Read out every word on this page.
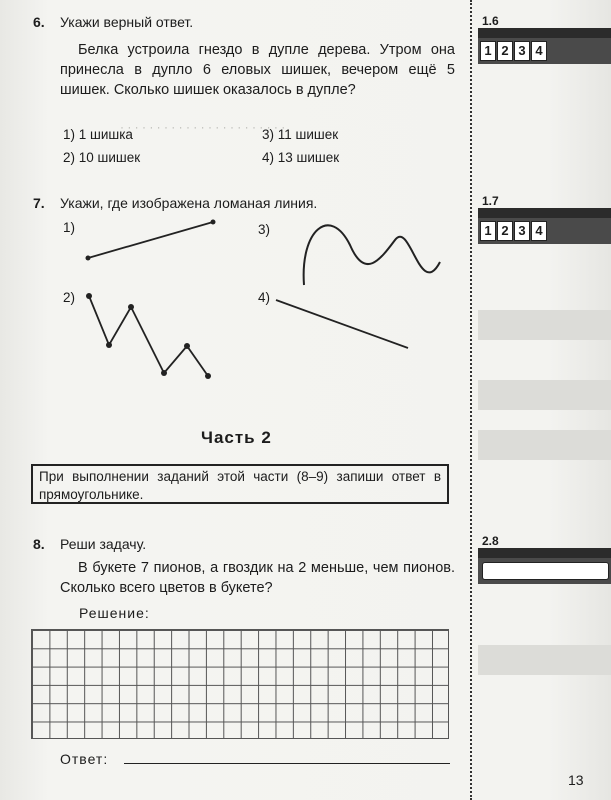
· · · · · · · · · · · · · · · · · · · · · · ·
6. Укажи верный ответ.
Белка устроила гнездо в дупле дерева. Утром она принесла в дупло 6 еловых шишек, вечером ещё 5 шишек. Сколько шишек оказалось в дупле?
1) 1 шишка
2) 10 шишек
3) 11 шишек
4) 13 шишек
7. Укажи, где изображена ломаная линия.
1)	3)
2)	4)
Часть 2
При выполнении заданий этой части (8–9) запиши ответ в прямоугольнике.
8. Реши задачу.
В букете 7 пионов, а гвоздик на 2 меньше, чем пионов. Сколько всего цветов в букете?
Решение:
Ответ:
1.6
1 2 3 4
1.7
1 2 3 4
2.8
13
